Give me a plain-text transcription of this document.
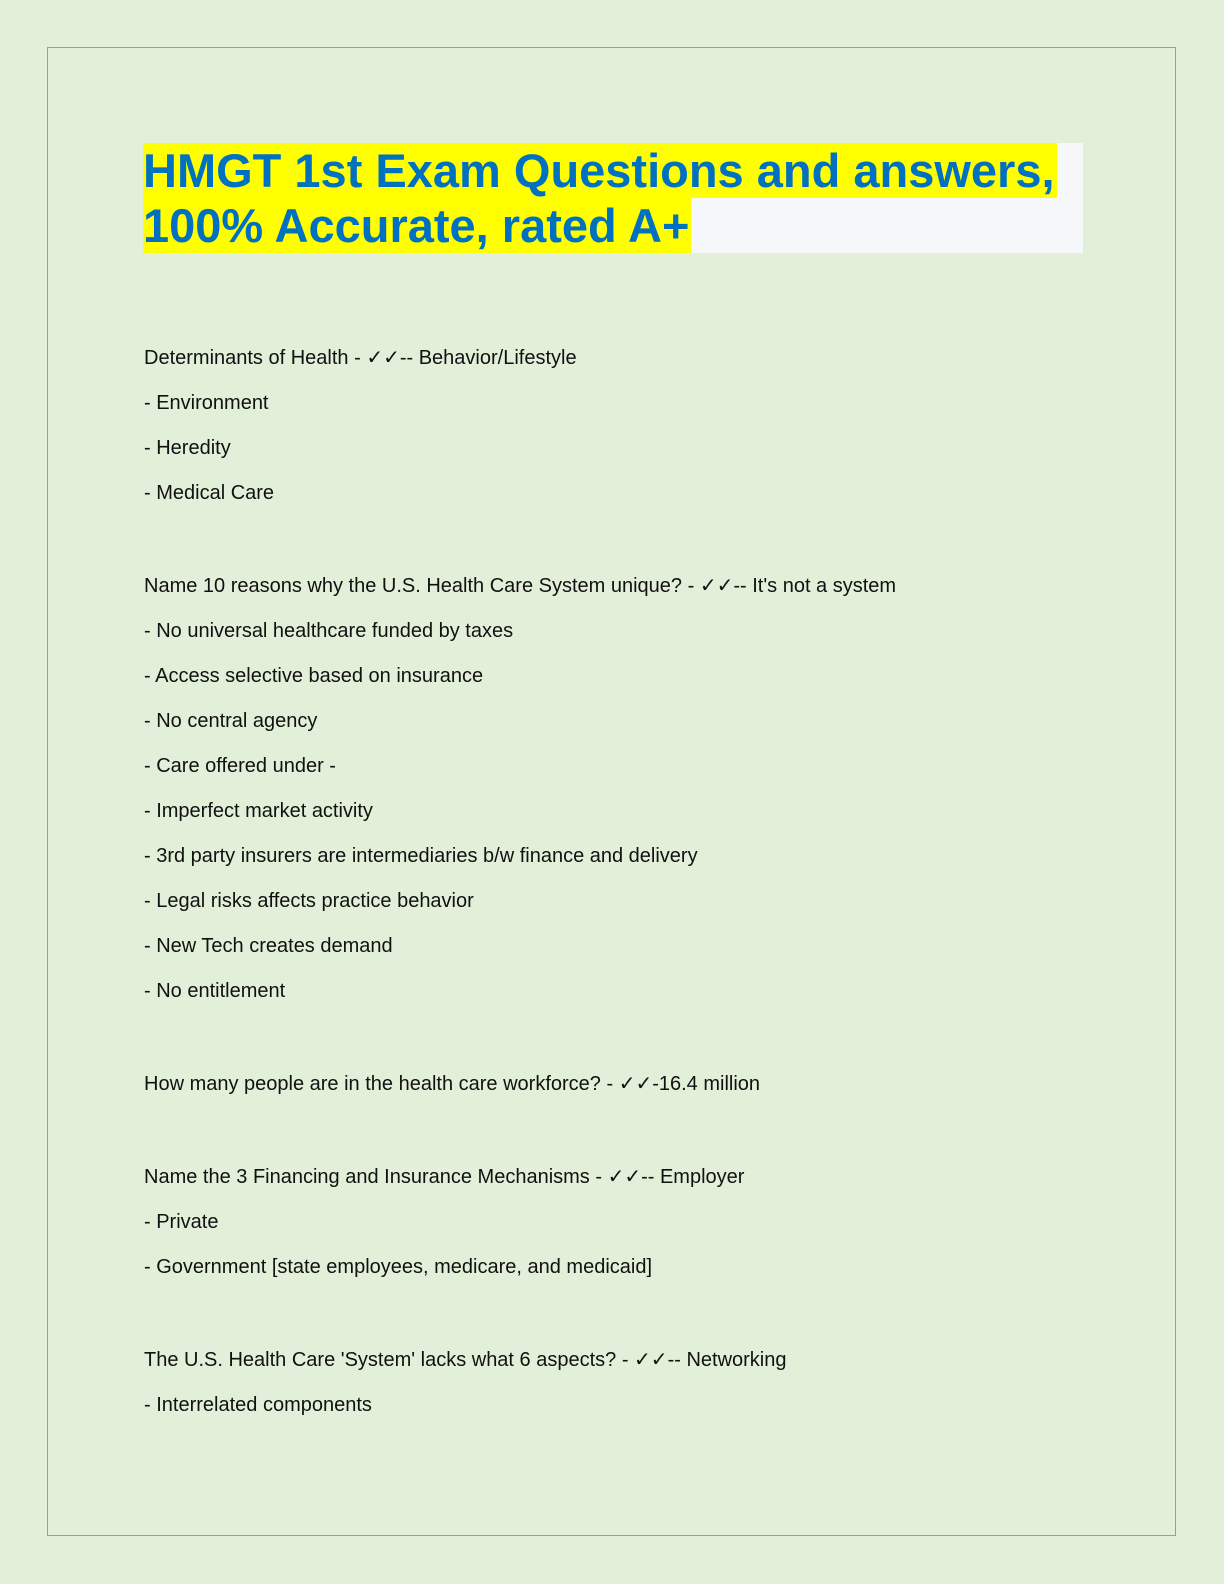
HMGT 1st Exam Questions and answers,
100% Accurate, rated A+
Determinants of Health - ✓✓-- Behavior/Lifestyle
- Environment
- Heredity
- Medical Care
Name 10 reasons why the U.S. Health Care System unique? - ✓✓-- It's not a system
- No universal healthcare funded by taxes
- Access selective based on insurance
- No central agency
- Care offered under -
- Imperfect market activity
- 3rd party insurers are intermediaries b/w finance and delivery
- Legal risks affects practice behavior
- New Tech creates demand
- No entitlement
How many people are in the health care workforce? - ✓✓-16.4 million
Name the 3 Financing and Insurance Mechanisms - ✓✓-- Employer
- Private
- Government [state employees, medicare, and medicaid]
The U.S. Health Care 'System' lacks what 6 aspects? - ✓✓-- Networking
- Interrelated components
